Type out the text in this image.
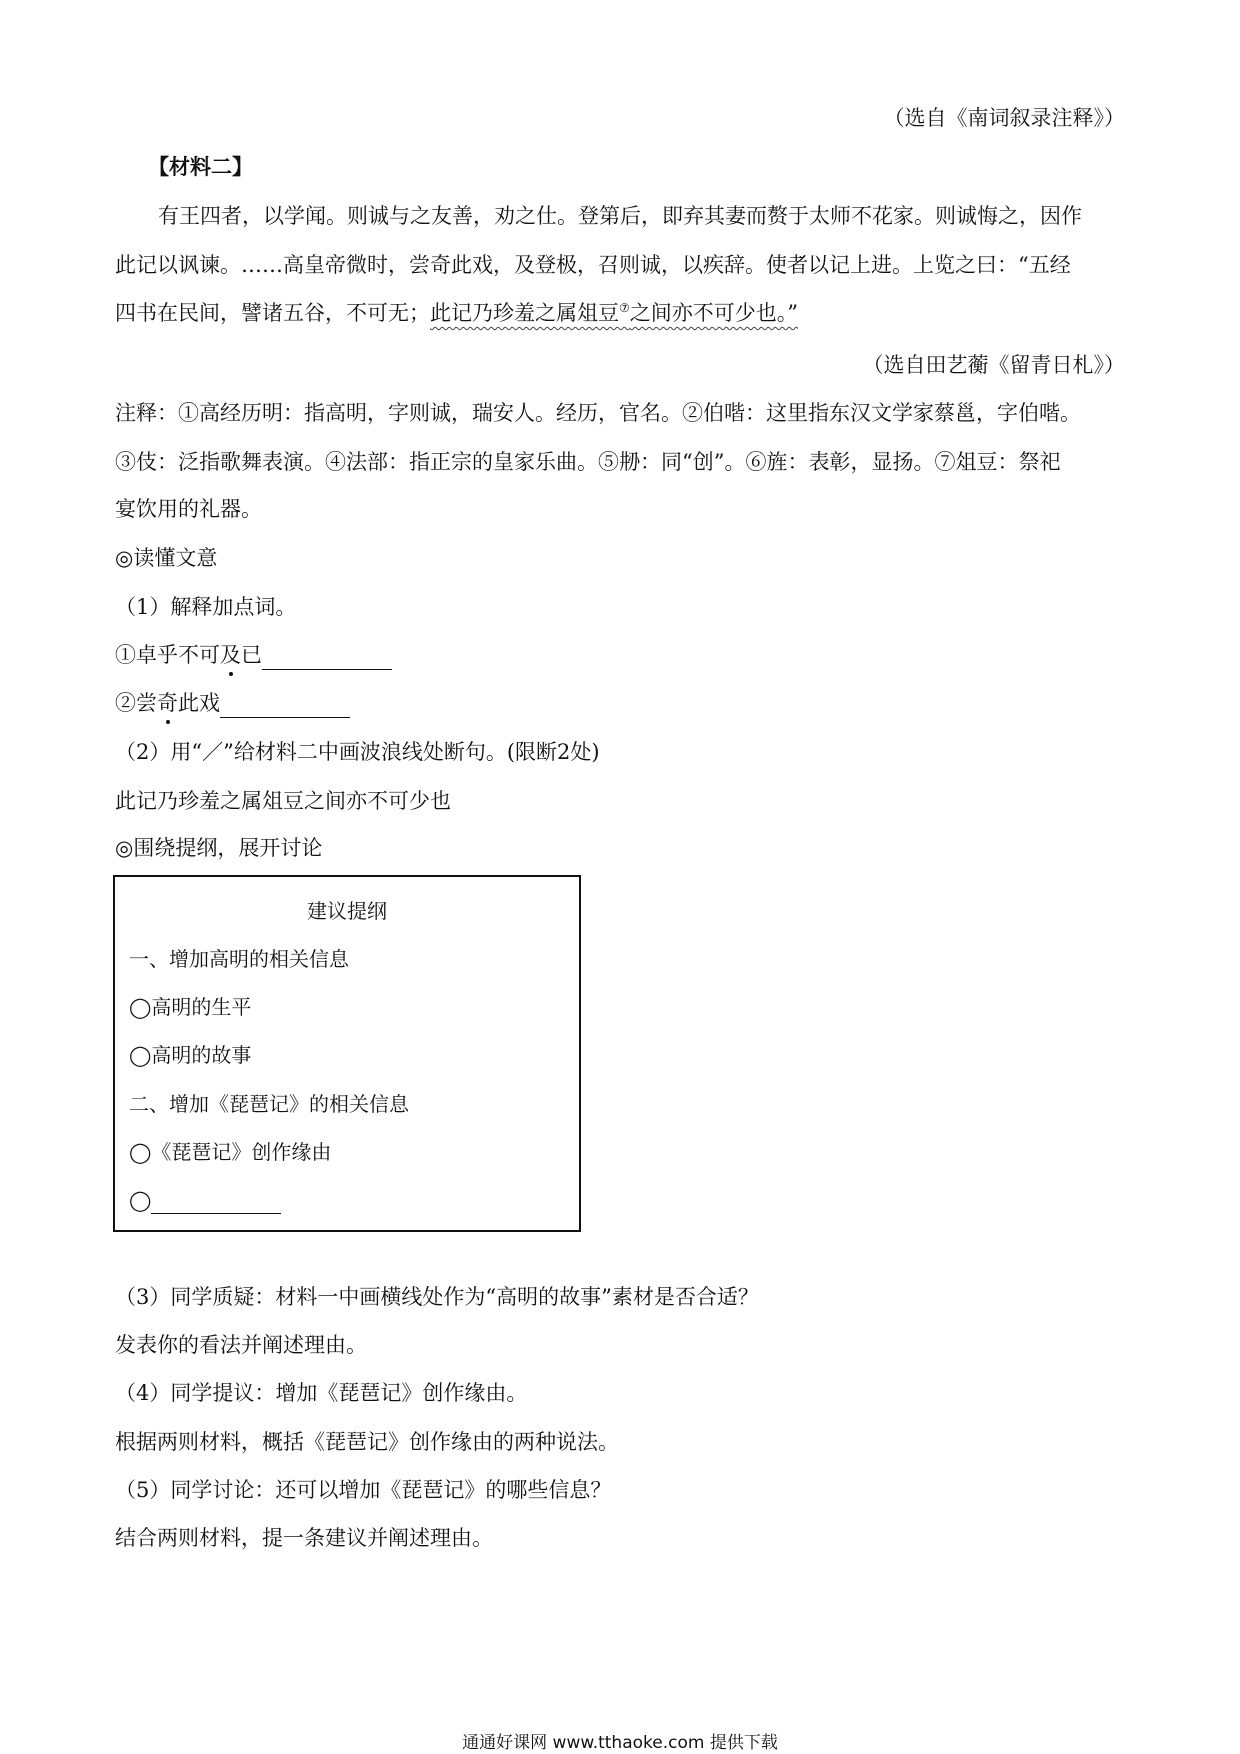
（选自《南词叙录注释》）
【材料二】
有王四者，以学闻。则诚与之友善，劝之仕。登第后，即弃其妻而赘于太师不花家。则诚悔之，因作
此记以讽谏。……高皇帝微时，尝奇此戏，及登极，召则诚，以疾辞。使者以记上进。上览之曰：“五经
四书在民间，譬诸五谷，不可无；此记乃珍羞之属俎豆⑦之间亦不可少也。”
（选自田艺蘅《留青日札》）
注释：①高经历明：指高明，字则诚，瑞安人。经历，官名。②伯喈：这里指东汉文学家蔡邕，字伯喈。
③伎：泛指歌舞表演。④法部：指正宗的皇家乐曲。⑤刱：同“创”。⑥旌：表彰，显扬。⑦俎豆：祭祀
宴饮用的礼器。
◎读懂文意
（1）解释加点词。
①卓乎不可及已
②尝奇此戏
（2）用“／”给材料二中画波浪线处断句。(限断2处)
此记乃珍羞之属俎豆之间亦不可少也
◎围绕提纲，展开讨论
建议提纲
一、增加高明的相关信息
◯高明的生平
◯高明的故事
二、增加《琵琶记》的相关信息
◯《琵琶记》创作缘由
◯
（3）同学质疑：材料一中画横线处作为“高明的故事”素材是否合适？
发表你的看法并阐述理由。
（4）同学提议：增加《琵琶记》创作缘由。
根据两则材料，概括《琵琶记》创作缘由的两种说法。
（5）同学讨论：还可以增加《琵琶记》的哪些信息？
结合两则材料，提一条建议并阐述理由。
通通好课网 www.tthaoke.com 提供下载
